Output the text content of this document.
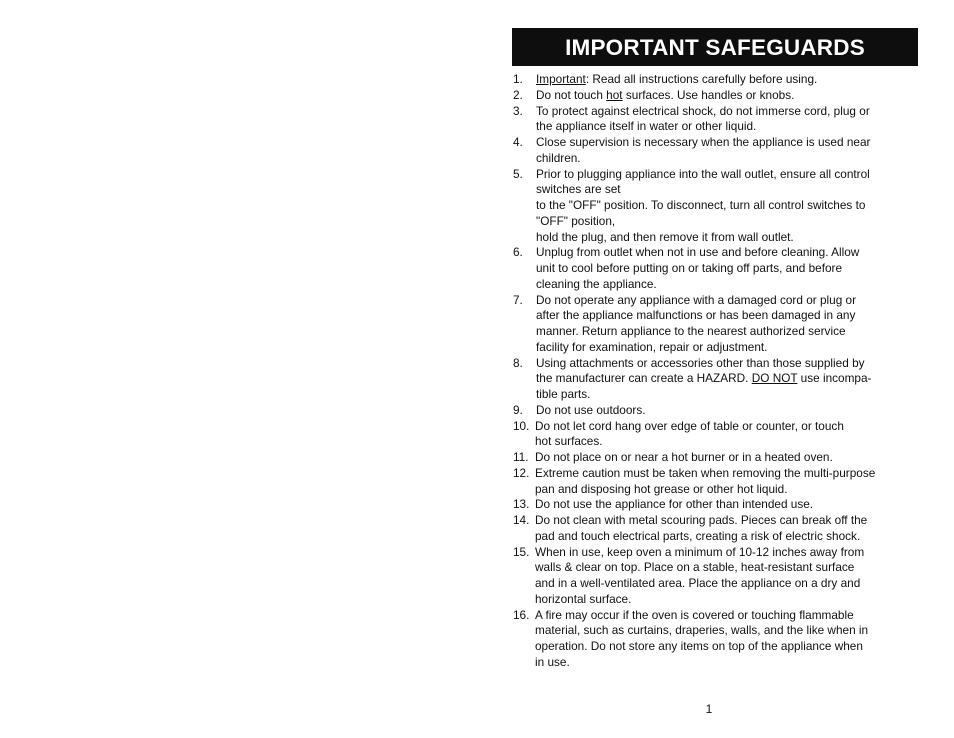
IMPORTANT SAFEGUARDS
1.	Important: Read all instructions carefully before using.
2.	Do not touch hot surfaces. Use handles or knobs.
3.	To protect against electrical shock, do not immerse cord, plug or
the appliance itself in water or other liquid.
4.	Close supervision is necessary when the appliance is used near
children.
5.	Prior to plugging appliance into the wall outlet, ensure all control
switches are set
to the "OFF" position. To disconnect, turn all control switches to
"OFF" position,
hold the plug, and then remove it from wall outlet.
6.	Unplug from outlet when not in use and before cleaning. Allow
unit to cool before putting on or taking off parts, and before
cleaning the appliance.
7.	Do not operate any appliance with a damaged cord or plug or
after the appliance malfunctions or has been damaged in any
manner. Return appliance to the nearest authorized service
facility for examination, repair or adjustment.
8.	Using attachments or accessories other than those supplied by
the manufacturer can create a HAZARD. DO NOT use incompa-
tible parts.
9.	Do not use outdoors.
10. Do not let cord hang over edge of table or counter, or touch
hot surfaces.
11. Do not place on or near a hot burner or in a heated oven.
12. Extreme caution must be taken when removing the multi-purpose
pan and disposing hot grease or other hot liquid.
13. Do not use the appliance for other than intended use.
14. Do not clean with metal scouring pads. Pieces can break off the
pad and touch electrical parts, creating a risk of electric shock.
15. When in use, keep oven a minimum of 10-12 inches away from
walls & clear on top. Place on a stable, heat-resistant surface
and in a well-ventilated area. Place the appliance on a dry and
horizontal surface.
16. A fire may occur if the oven is covered or touching flammable
material, such as curtains, draperies, walls, and the like when in
operation. Do not store any items on top of the appliance when
in use.
1
